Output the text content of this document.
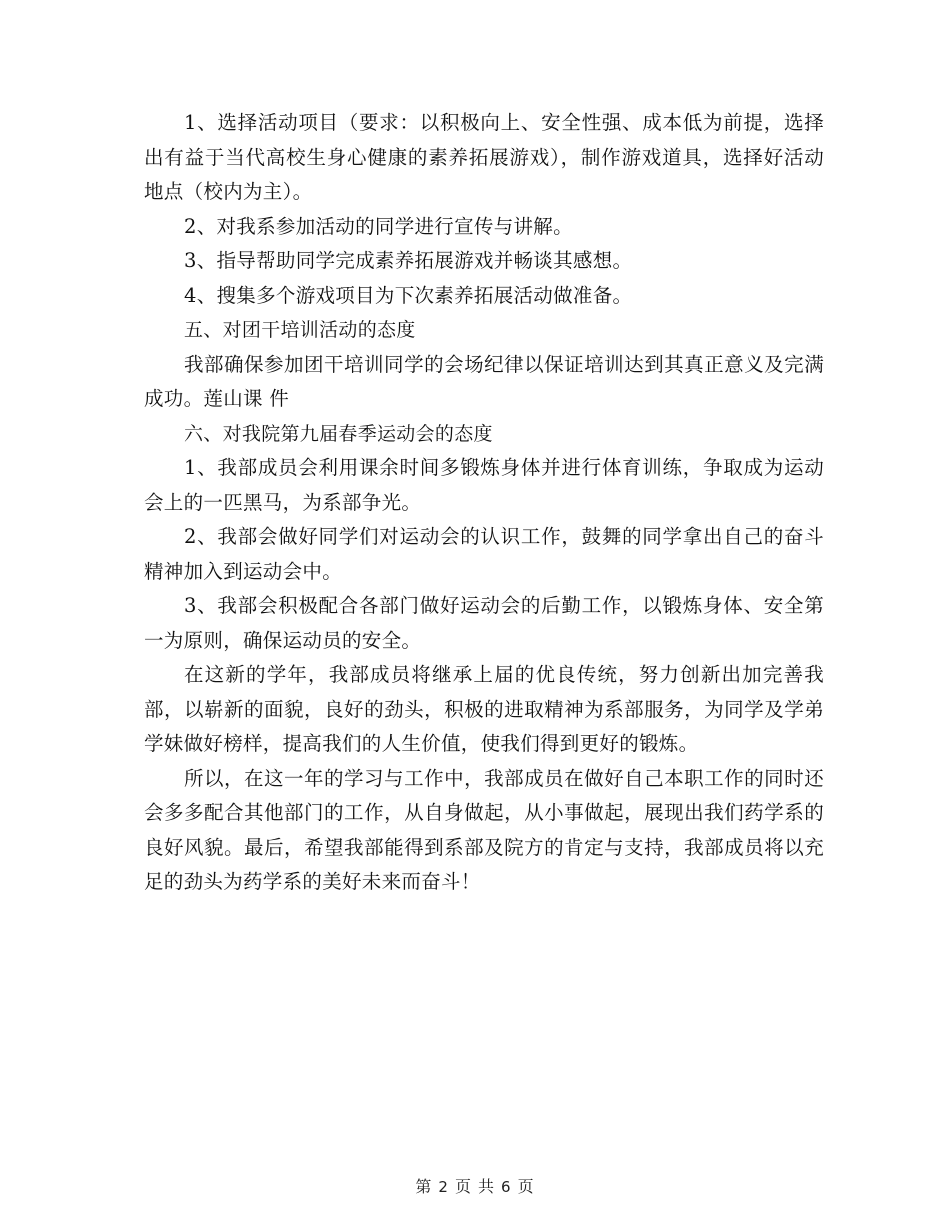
1、选择活动项目（要求：以积极向上、安全性强、成本低为前提，选择出有益于当代高校生身心健康的素养拓展游戏），制作游戏道具，选择好活动地点（校内为主）。

2、对我系参加活动的同学进行宣传与讲解。

3、指导帮助同学完成素养拓展游戏并畅谈其感想。

4、搜集多个游戏项目为下次素养拓展活动做准备。

五、对团干培训活动的态度

我部确保参加团干培训同学的会场纪律以保证培训达到其真正意义及完满成功。莲山课 件

六、对我院第九届春季运动会的态度

1、我部成员会利用课余时间多锻炼身体并进行体育训练，争取成为运动会上的一匹黑马，为系部争光。

2、我部会做好同学们对运动会的认识工作，鼓舞的同学拿出自己的奋斗精神加入到运动会中。

3、我部会积极配合各部门做好运动会的后勤工作，以锻炼身体、安全第一为原则，确保运动员的安全。

在这新的学年，我部成员将继承上届的优良传统，努力创新出加完善我部，以崭新的面貌，良好的劲头，积极的进取精神为系部服务，为同学及学弟学妹做好榜样，提高我们的人生价值，使我们得到更好的锻炼。

所以，在这一年的学习与工作中，我部成员在做好自己本职工作的同时还会多多配合其他部门的工作，从自身做起，从小事做起，展现出我们药学系的良好风貌。最后，希望我部能得到系部及院方的肯定与支持，我部成员将以充足的劲头为药学系的美好未来而奋斗！

第 2 页 共 6 页
